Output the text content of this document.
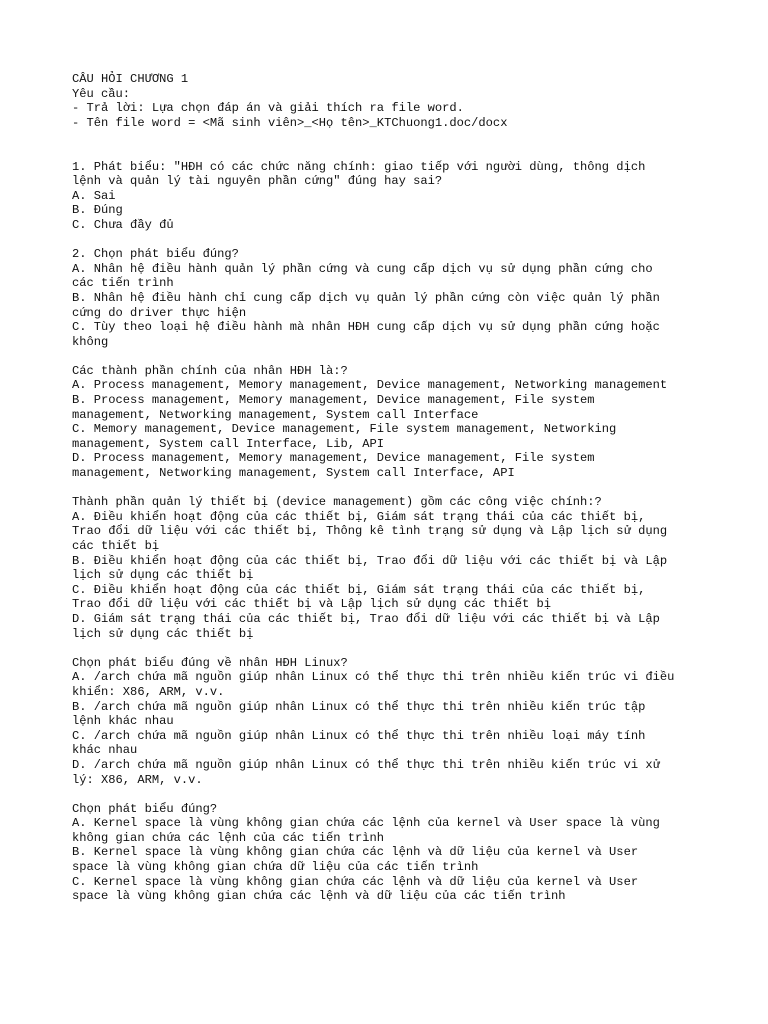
CÂU HỎI CHƯƠNG 1
Yêu cầu:
- Trả lời: Lựa chọn đáp án và giải thích ra file word.
- Tên file word = <Mã sinh viên>_<Họ tên>_KTChuong1.doc/docx
1. Phát biểu: "HĐH có các chức năng chính: giao tiếp với người dùng, thông dịch
lệnh và quản lý tài nguyên phần cứng" đúng hay sai?
A. Sai
B. Đúng
C. Chưa đầy đủ
2. Chọn phát biểu đúng?
A. Nhân hệ điều hành quản lý phần cứng và cung cấp dịch vụ sử dụng phần cứng cho
các tiến trình
B. Nhân hệ điều hành chỉ cung cấp dịch vụ quản lý phần cứng còn việc quản lý phần
cứng do driver thực hiện
C. Tùy theo loại hệ điều hành mà nhân HĐH cung cấp dịch vụ sử dụng phần cứng hoặc
không
Các thành phần chính của nhân HĐH là:?
A. Process management, Memory management, Device management, Networking management
B. Process management, Memory management, Device management, File system
management, Networking management, System call Interface
C. Memory management, Device management, File system management, Networking
management, System call Interface, Lib, API
D. Process management, Memory management, Device management, File system
management, Networking management, System call Interface, API
Thành phần quản lý thiết bị (device management) gồm các công việc chính:?
A. Điều khiển hoạt động của các thiết bị, Giám sát trạng thái của các thiết bị,
Trao đổi dữ liệu với các thiết bị, Thông kê tình trạng sử dụng và Lập lịch sử dụng
các thiết bị
B. Điều khiển hoạt động của các thiết bị, Trao đổi dữ liệu với các thiết bị và Lập
lịch sử dụng các thiết bị
C. Điều khiển hoạt động của các thiết bị, Giám sát trạng thái của các thiết bị,
Trao đổi dữ liệu với các thiết bị và Lập lịch sử dụng các thiết bị
D. Giám sát trạng thái của các thiết bị, Trao đổi dữ liệu với các thiết bị và Lập
lịch sử dụng các thiết bị
Chọn phát biểu đúng về nhân HĐH Linux?
A. /arch chứa mã nguồn giúp nhân Linux có thể thực thi trên nhiều kiến trúc vi điều
khiển: X86, ARM, v.v.
B. /arch chứa mã nguồn giúp nhân Linux có thể thực thi trên nhiều kiến trúc tập
lệnh khác nhau
C. /arch chứa mã nguồn giúp nhân Linux có thể thực thi trên nhiều loại máy tính
khác nhau
D. /arch chứa mã nguồn giúp nhân Linux có thể thực thi trên nhiều kiến trúc vi xử
lý: X86, ARM, v.v.
Chọn phát biểu đúng?
A. Kernel space là vùng không gian chứa các lệnh của kernel và User space là vùng
không gian chứa các lệnh của các tiến trình
B. Kernel space là vùng không gian chứa các lệnh và dữ liệu của kernel và User
space là vùng không gian chứa dữ liệu của các tiến trình
C. Kernel space là vùng không gian chứa các lệnh và dữ liệu của kernel và User
space là vùng không gian chứa các lệnh và dữ liệu của các tiến trình
